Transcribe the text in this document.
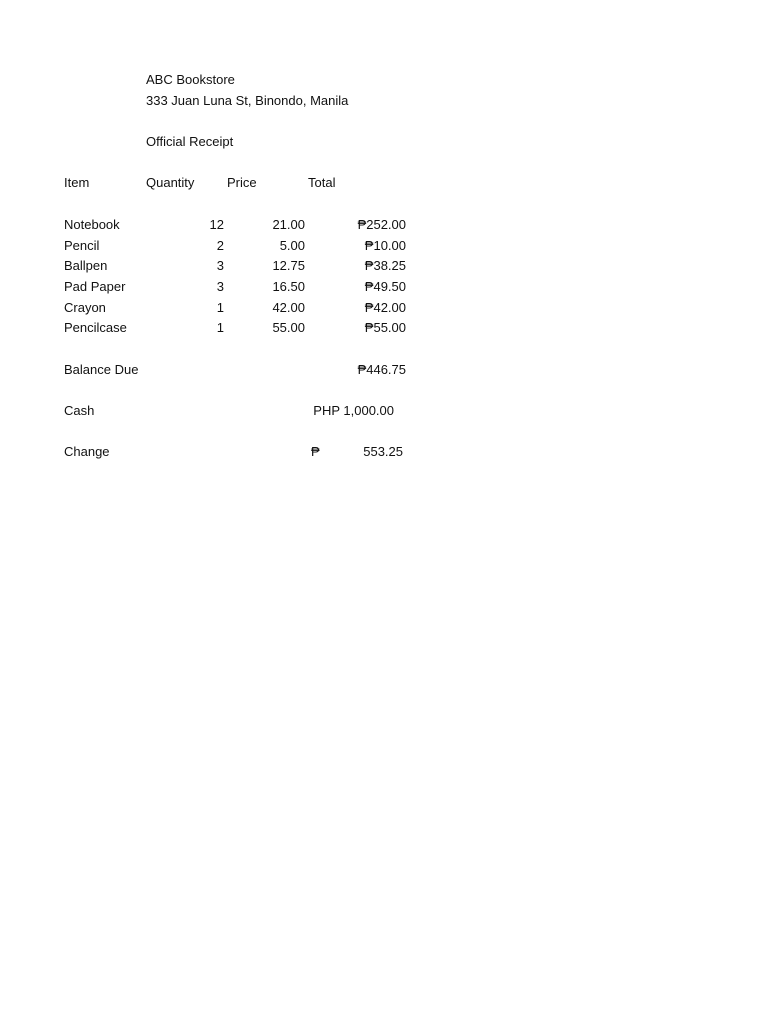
ABC Bookstore
333 Juan Luna St, Binondo, Manila
Official Receipt
Item	Quantity	Price	Total
Notebook	12	21.00	₱252.00
Pencil	2	5.00	₱10.00
Ballpen	3	12.75	₱38.25
Pad Paper	3	16.50	₱49.50
Crayon	1	42.00	₱42.00
Pencilcase	1	55.00	₱55.00
Balance Due	₱446.75
Cash	PHP 1,000.00
Change	₱	553.25
